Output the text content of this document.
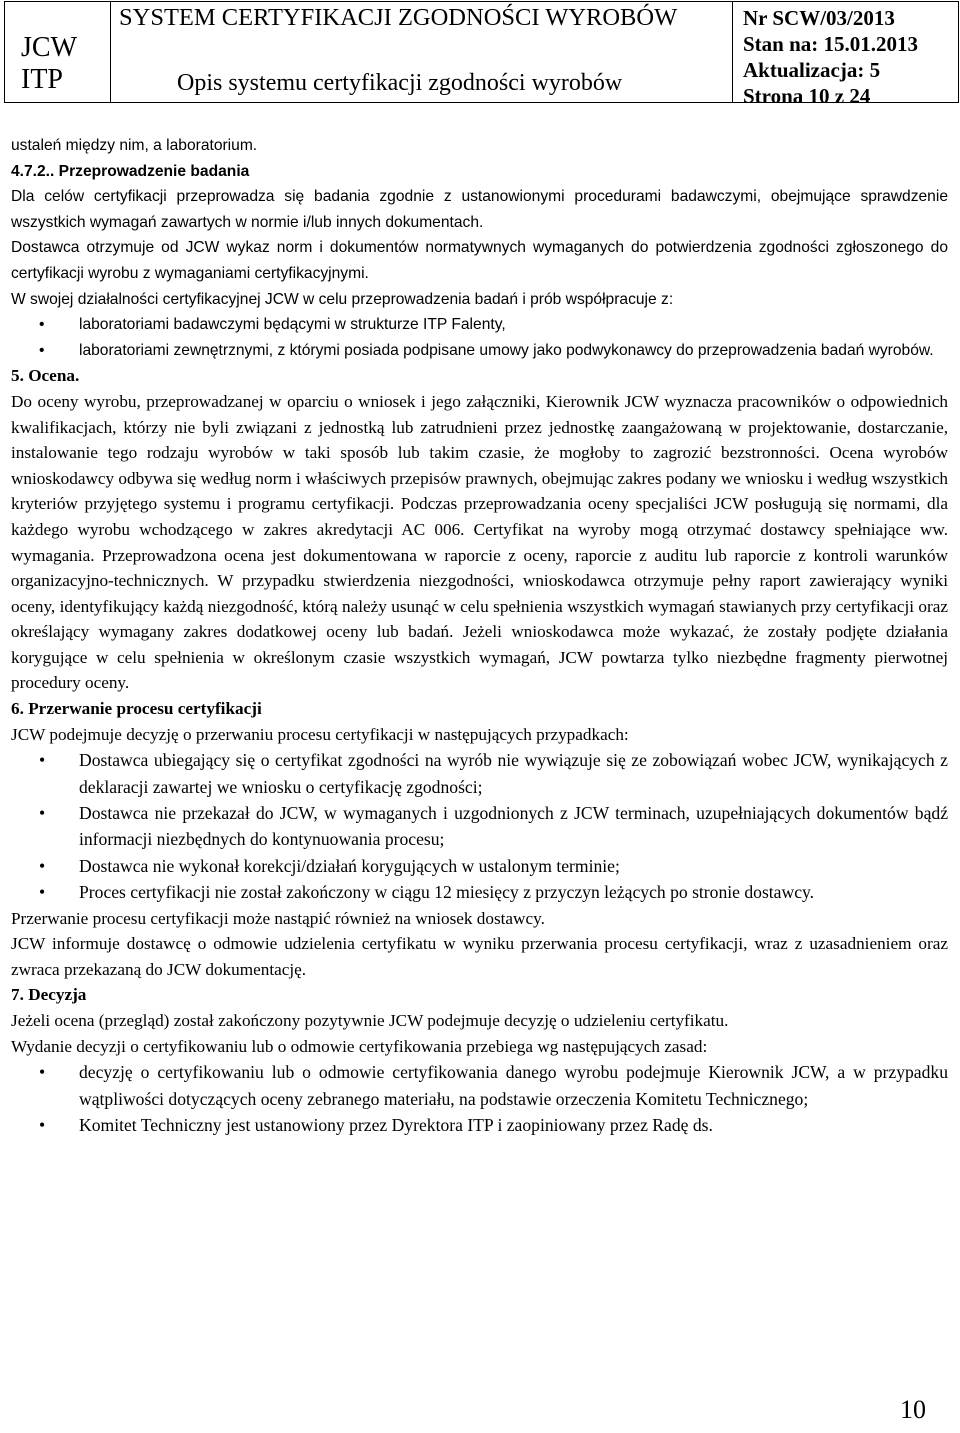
JCW
ITP
SYSTEM CERTYFIKACJI ZGODNOŚCI WYROBÓW
Opis systemu certyfikacji zgodności wyrobów
Nr SCW/03/2013
Stan na: 15.01.2013
Aktualizacja: 5
Strona 10 z 24

ustaleń między nim, a laboratorium.

4.7.2.. Przeprowadzenie badania

Dla celów certyfikacji przeprowadza się badania zgodnie z ustanowionymi procedurami badawczymi, obejmujące sprawdzenie wszystkich wymagań zawartych w normie i/lub innych dokumentach.

Dostawca otrzymuje od JCW wykaz norm i dokumentów normatywnych wymaganych do potwierdzenia zgodności zgłoszonego do certyfikacji wyrobu z wymaganiami certyfikacyjnymi.

W swojej działalności certyfikacyjnej JCW w celu przeprowadzenia badań i prób współpracuje z:

• laboratoriami badawczymi będącymi w strukturze ITP Falenty,
• laboratoriami zewnętrznymi, z którymi posiada podpisane umowy jako podwykonawcy do przeprowadzenia badań wyrobów.
5. Ocena.

Do oceny wyrobu, przeprowadzanej w oparciu o wniosek i jego załączniki, Kierownik JCW wyznacza pracowników o odpowiednich kwalifikacjach, którzy nie byli związani z jednostką lub zatrudnieni przez jednostkę zaangażowaną w projektowanie, dostarczanie, instalowanie tego rodzaju wyrobów w taki sposób lub takim czasie, że mogłoby to zagrozić bezstronności. Ocena wyrobów wnioskodawcy odbywa się według norm i właściwych przepisów prawnych, obejmując zakres podany we wniosku i według wszystkich kryteriów przyjętego systemu i programu certyfikacji. Podczas przeprowadzania oceny specjaliści JCW posługują się normami, dla każdego wyrobu wchodzącego w zakres akredytacji AC 006. Certyfikat na wyroby mogą otrzymać dostawcy spełniające ww. wymagania. Przeprowadzona ocena jest dokumentowana w raporcie z oceny, raporcie z auditu lub raporcie z kontroli warunków organizacyjno-technicznych. W przypadku stwierdzenia niezgodności, wnioskodawca otrzymuje pełny raport zawierający wyniki oceny, identyfikujący każdą niezgodność, którą należy usunąć w celu spełnienia wszystkich wymagań stawianych przy certyfikacji oraz określający wymagany zakres dodatkowej oceny lub badań. Jeżeli wnioskodawca może wykazać, że zostały podjęte działania korygujące w celu spełnienia w określonym czasie wszystkich wymagań, JCW powtarza tylko niezbędne fragmenty pierwotnej procedury oceny.

6. Przerwanie procesu certyfikacji

JCW podejmuje decyzję o przerwaniu procesu certyfikacji w następujących przypadkach:

• Dostawca ubiegający się o certyfikat zgodności na wyrób nie wywiązuje się ze zobowiązań wobec JCW, wynikających z deklaracji zawartej we wniosku o certyfikację zgodności;
• Dostawca nie przekazał do JCW, w wymaganych i uzgodnionych z JCW terminach, uzupełniających dokumentów bądź informacji niezbędnych do kontynuowania procesu;
• Dostawca nie wykonał korekcji/działań korygujących w ustalonym terminie;
• Proces certyfikacji nie został zakończony w ciągu 12 miesięcy z przyczyn leżących po stronie dostawcy.

Przerwanie procesu certyfikacji może nastąpić również na wniosek dostawcy.

JCW informuje dostawcę o odmowie udzielenia certyfikatu w wyniku przerwania procesu certyfikacji, wraz z uzasadnieniem oraz zwraca przekazaną do JCW dokumentację.

7. Decyzja

Jeżeli ocena (przegląd) został zakończony pozytywnie JCW podejmuje decyzję o udzieleniu certyfikatu.

Wydanie decyzji o certyfikowaniu lub o odmowie certyfikowania przebiega wg następujących zasad:

• decyzję o certyfikowaniu lub o odmowie certyfikowania danego wyrobu podejmuje Kierownik JCW, a w przypadku wątpliwości dotyczących oceny zebranego materiału, na podstawie orzeczenia Komitetu Technicznego;
• Komitet Techniczny jest ustanowiony przez Dyrektora ITP i zaopiniowany przez Radę ds.
10
